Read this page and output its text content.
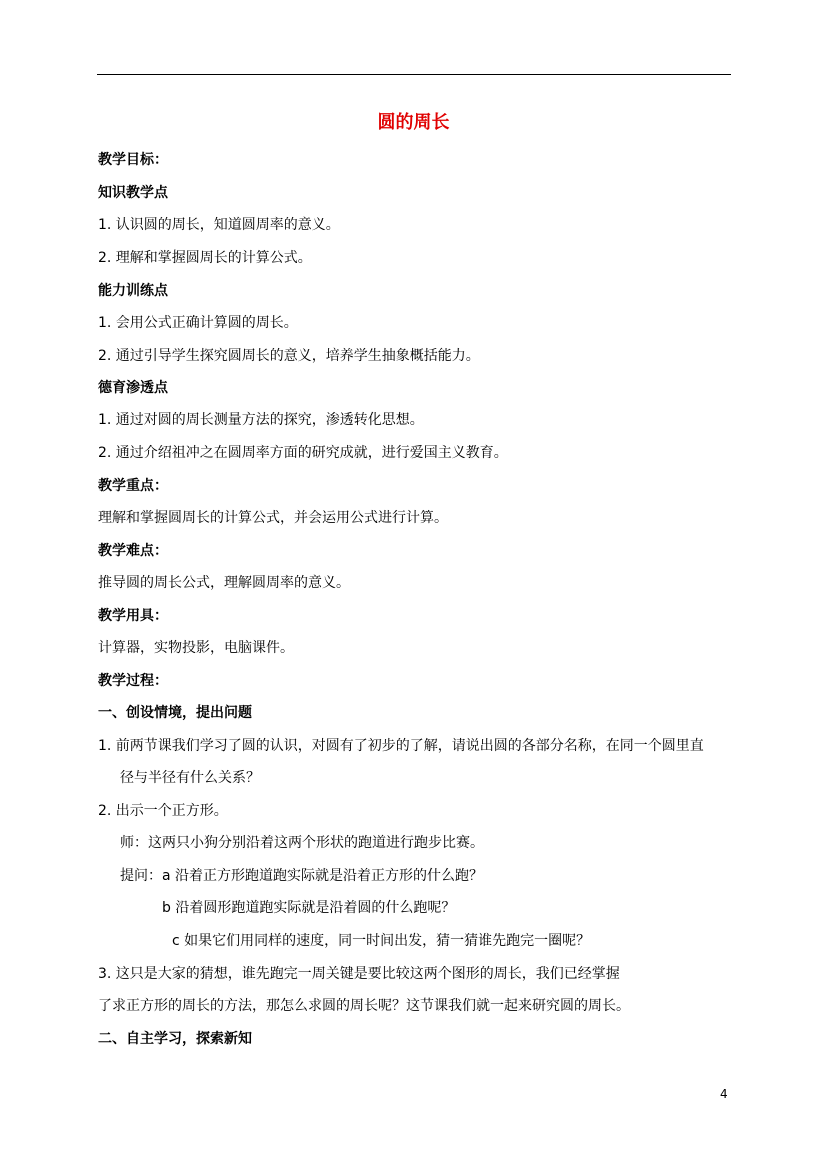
圆的周长
教学目标：
知识教学点
1. 认识圆的周长，知道圆周率的意义。
2. 理解和掌握圆周长的计算公式。
能力训练点
1. 会用公式正确计算圆的周长。
2. 通过引导学生探究圆周长的意义，培养学生抽象概括能力。
德育渗透点
1. 通过对圆的周长测量方法的探究，渗透转化思想。
2. 通过介绍祖冲之在圆周率方面的研究成就，进行爱国主义教育。
教学重点：
理解和掌握圆周长的计算公式，并会运用公式进行计算。
教学难点：
推导圆的周长公式，理解圆周率的意义。
教学用具：
计算器，实物投影，电脑课件。
教学过程：
一、创设情境，提出问题
1. 前两节课我们学习了圆的认识，对圆有了初步的了解，请说出圆的各部分名称，在同一个圆里直
径与半径有什么关系？
2. 出示一个正方形。
师：这两只小狗分别沿着这两个形状的跑道进行跑步比赛。
提问：a 沿着正方形跑道跑实际就是沿着正方形的什么跑？
b 沿着圆形跑道跑实际就是沿着圆的什么跑呢？
c 如果它们用同样的速度，同一时间出发，猜一猜谁先跑完一圈呢？
3. 这只是大家的猜想，谁先跑完一周关键是要比较这两个图形的周长，我们已经掌握
了求正方形的周长的方法，那怎么求圆的周长呢？这节课我们就一起来研究圆的周长。
二、自主学习，探索新知
4
